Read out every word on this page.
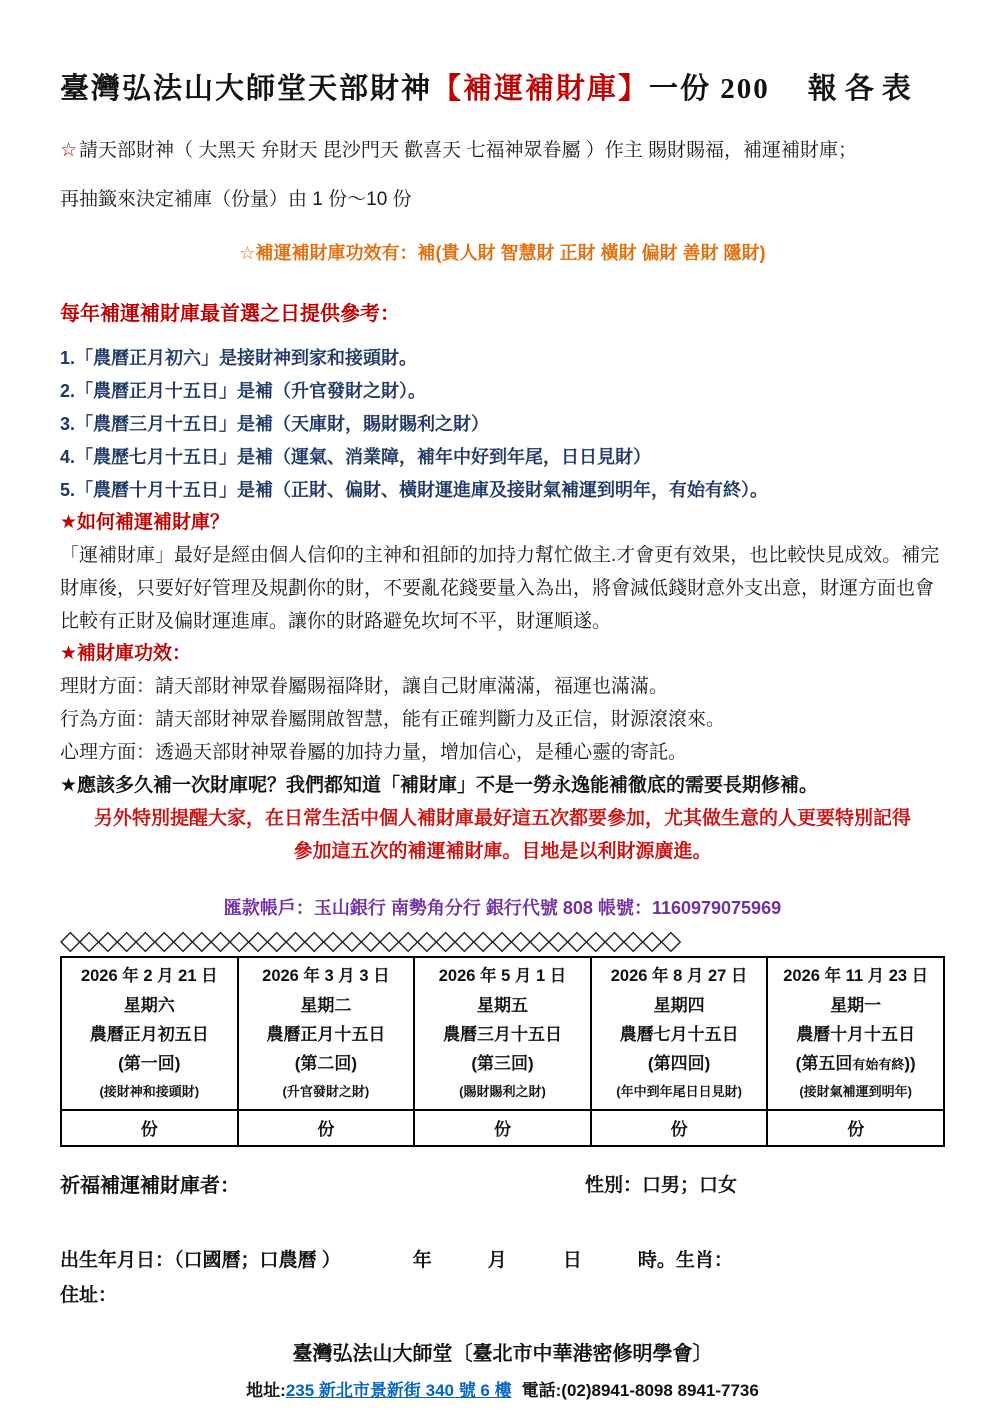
臺灣弘法山大師堂天部財神【補運補財庫】一份 200 報各表

☆ 請天部財神（ 大黑天 弁財天 毘沙門天 歡喜天 七福神眾眷屬 ）作主 賜財賜福，補運補財庫；

再抽籤來決定補庫（份量）由 1 份～10 份

☆補運補財庫功效有：補(貴人財 智慧財 正財 橫財 偏財 善財 隱財)

每年補運補財庫最首選之日提供參考：
1.「農曆正月初六」是接財神到家和接頭財。
2.「農曆正月十五日」是補（升官發財之財）。
3.「農曆三月十五日」是補（天庫財，賜財賜利之財）
4.「農歷七月十五日」是補（運氣、消業障，補年中好到年尾，日日見財）
5.「農曆十月十五日」是補（正財、偏財、橫財運進庫及接財氣補運到明年，有始有終）。
★如何補運補財庫？

「運補財庫」最好是經由個人信仰的主神和祖師的加持力幫忙做主.才會更有效果，也比較快見成效。補完財庫後，只要好好管理及規劃你的財，不要亂花錢要量入為出，將會減低錢財意外支出意，財運方面也會比較有正財及偏財運進庫。讓你的財路避免坎坷不平，財運順遂。

★補財庫功效：
理財方面：請天部財神眾眷屬賜福降財，讓自己財庫滿滿，福運也滿滿。
行為方面：請天部財神眾眷屬開啟智慧，能有正確判斷力及正信，財源滾滾來。
心理方面：透過天部財神眾眷屬的加持力量，增加信心，是種心靈的寄託。
★應該多久補一次財庫呢？我們都知道「補財庫」不是一勞永逸能補徹底的需要長期修補。
另外特別提醒大家，在日常生活中個人補財庫最好這五次都要參加，尤其做生意的人更要特別記得
參加這五次的補運補財庫。目地是以利財源廣進。
匯款帳戶：玉山銀行 南勢角分行 銀行代號 808 帳號：1160979075969
◇◇◇◇◇◇◇◇◇◇◇◇◇◇◇◇◇◇◇◇◇◇◇◇◇◇◇◇◇◇◇◇◇
2026 年 2 月 21 日
星期六
農曆正月初五日
(第一回)
(接財神和接頭財)

2026 年 3 月 3 日
星期二
農曆正月十五日
(第二回)
(升官發財之財)

2026 年 5 月 1 日
星期五
農曆三月十五日
(第三回)
(賜財賜利之財)

2026 年 8 月 27 日
星期四
農曆七月十五日
(第四回)
(年中到年尾日日見財)

2026 年 11 月 23 日
星期一
農曆十月十五日
(第五回有始有終))
(接財氣補運到明年)

份	份	份	份	份
祈福補運補財庫者：	性別：口男；口女
出生年月日：（口國曆；口農曆 ）	年	月	日	時。生肖：
住址：
臺灣弘法山大師堂〔臺北市中華港密修明學會〕
地址:235 新北市景新街 340 號 6 樓 電話:(02)8941-8098 8941-7736
